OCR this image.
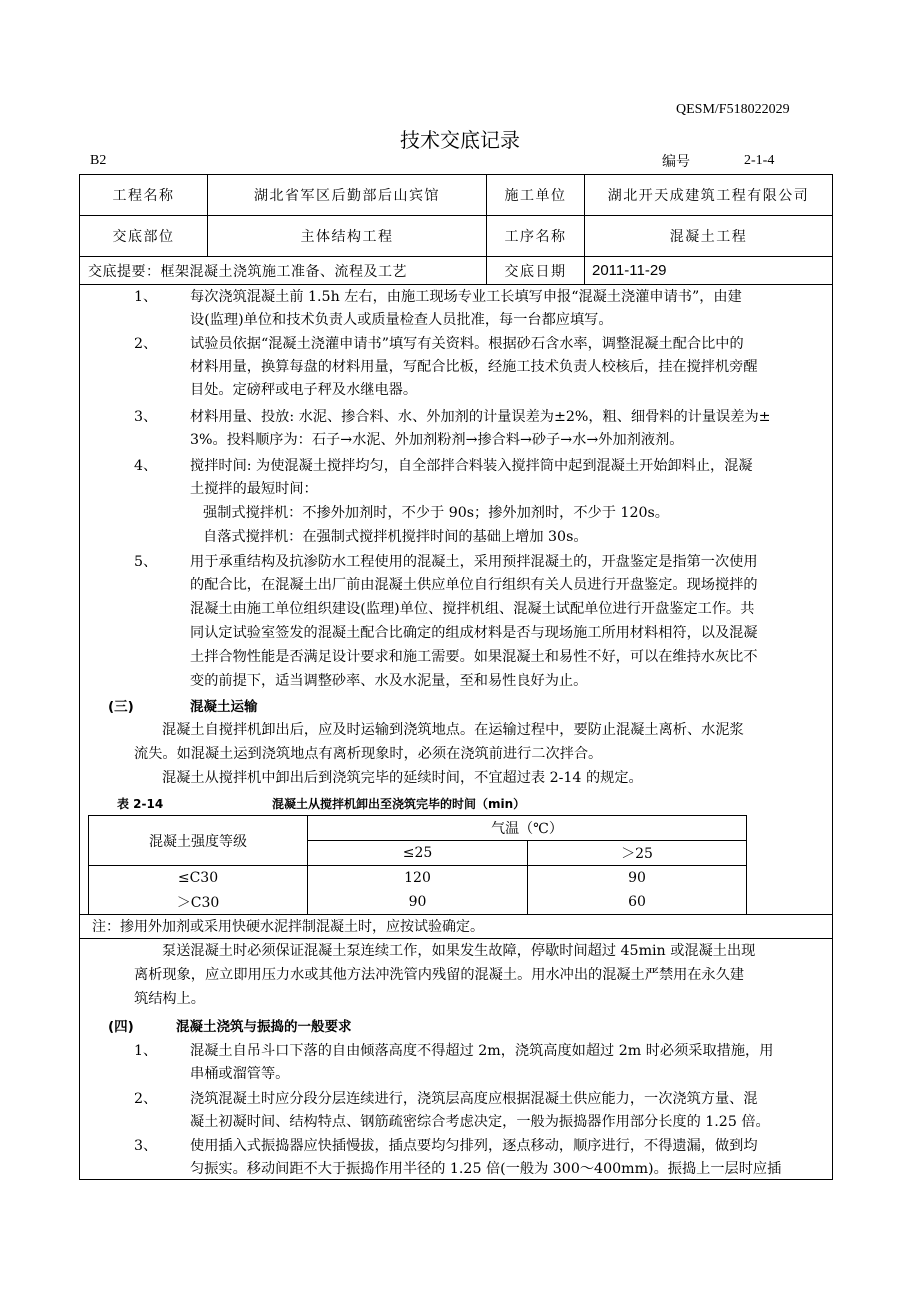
QESM/F518022029
技术交底记录
B2	编号	2-1-4
工程名称	湖北省军区后勤部后山宾馆	施工单位	湖北开天成建筑工程有限公司
交底部位	主体结构工程	工序名称	混凝土工程
交底提要：框架混凝土浇筑施工准备、流程及工艺	交底日期	2011-11-29
1、 每次浇筑混凝土前 1.5h 左右，由施工现场专业工长填写申报“混凝土浇灌申请书”，由建
设(监理)单位和技术负责人或质量检查人员批准，每一台都应填写。
2、 试验员依据“混凝土浇灌申请书”填写有关资料。根据砂石含水率，调整混凝土配合比中的
材料用量，换算每盘的材料用量，写配合比板，经施工技术负责人校核后，挂在搅拌机旁醒
目处。定磅秤或电子秤及水继电器。
3、 材料用量、投放: 水泥、掺合料、水、外加剂的计量误差为±2%，粗、细骨料的计量误差为±
3%。投料顺序为：石子→水泥、外加剂粉剂→掺合料→砂子→水→外加剂液剂。
4、 搅拌时间: 为使混凝土搅拌均匀，自全部拌合料装入搅拌筒中起到混凝土开始卸料止，混凝
土搅拌的最短时间：
强制式搅拌机：不掺外加剂时，不少于 90s；掺外加剂时，不少于 120s。
自落式搅拌机：在强制式搅拌机搅拌时间的基础上增加 30s。
5、 用于承重结构及抗渗防水工程使用的混凝土，采用预拌混凝土的，开盘鉴定是指第一次使用
的配合比，在混凝土出厂前由混凝土供应单位自行组织有关人员进行开盘鉴定。现场搅拌的
混凝土由施工单位组织建设(监理)单位、搅拌机组、混凝土试配单位进行开盘鉴定工作。共
同认定试验室签发的混凝土配合比确定的组成材料是否与现场施工所用材料相符，以及混凝
土拌合物性能是否满足设计要求和施工需要。如果混凝土和易性不好，可以在维持水灰比不
变的前提下，适当调整砂率、水及水泥量，至和易性良好为止。
(三)	混凝土运输
混凝土自搅拌机卸出后，应及时运输到浇筑地点。在运输过程中，要防止混凝土离析、水泥浆
流失。如混凝土运到浇筑地点有离析现象时，必须在浇筑前进行二次拌合。
混凝土从搅拌机中卸出后到浇筑完毕的延续时间，不宜超过表 2-14 的规定。
表 2-14	混凝土从搅拌机卸出至浇筑完毕的时间（min）
混凝土强度等级
气温（℃）
≤25	＞25
≤C30	120	90
＞C30	90	60
注：掺用外加剂或采用快硬水泥拌制混凝土时，应按试验确定。
泵送混凝土时必须保证混凝土泵连续工作，如果发生故障，停歇时间超过 45min 或混凝土出现
离析现象，应立即用压力水或其他方法冲洗管内残留的混凝土。用水冲出的混凝土严禁用在永久建
筑结构上。
(四)	混凝土浇筑与振捣的一般要求
1、 混凝土自吊斗口下落的自由倾落高度不得超过 2m，浇筑高度如超过 2m 时必须采取措施，用
串桶或溜管等。
2、 浇筑混凝土时应分段分层连续进行，浇筑层高度应根据混凝土供应能力，一次浇筑方量、混
凝土初凝时间、结构特点、钢筋疏密综合考虑决定，一般为振捣器作用部分长度的 1.25 倍。
3、 使用插入式振捣器应快插慢拔，插点要均匀排列，逐点移动，顺序进行，不得遗漏，做到均
匀振实。移动间距不大于振捣作用半径的 1.25 倍(一般为 300～400mm)。振捣上一层时应插
